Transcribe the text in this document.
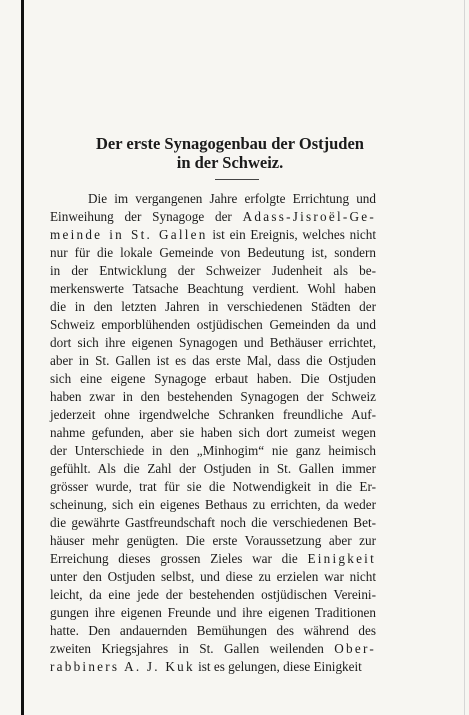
Der erste Synagogenbau der Ostjuden
in der Schweiz.
Die im vergangenen Jahre erfolgte Errichtung und
Einweihung der Synagoge der Adass-Jisroël-Ge-
meinde in St. Gallen ist ein Ereignis, welches nicht
nur für die lokale Gemeinde von Bedeutung ist, sondern
in der Entwicklung der Schweizer Judenheit als be-
merkenswerte Tatsache Beachtung verdient. Wohl haben
die in den letzten Jahren in verschiedenen Städten der
Schweiz emporblühenden ostjüdischen Gemeinden da und
dort sich ihre eigenen Synagogen und Bethäuser errichtet,
aber in St. Gallen ist es das erste Mal, dass die Ostjuden
sich eine eigene Synagoge erbaut haben. Die Ostjuden
haben zwar in den bestehenden Synagogen der Schweiz
jederzeit ohne irgendwelche Schranken freundliche Auf-
nahme gefunden, aber sie haben sich dort zumeist wegen
der Unterschiede in den „Minhogim“ nie ganz heimisch
gefühlt. Als die Zahl der Ostjuden in St. Gallen immer
grösser wurde, trat für sie die Notwendigkeit in die Er-
scheinung, sich ein eigenes Bethaus zu errichten, da weder
die gewährte Gastfreundschaft noch die verschiedenen Bet-
häuser mehr genügten. Die erste Voraussetzung aber zur
Erreichung dieses grossen Zieles war die Einigkeit
unter den Ostjuden selbst, und diese zu erzielen war nicht
leicht, da eine jede der bestehenden ostjüdischen Vereini-
gungen ihre eigenen Freunde und ihre eigenen Traditionen
hatte. Den andauernden Bemühungen des während des
zweiten Kriegsjahres in St. Gallen weilenden Ober-
rabbiners A. J. Kuk ist es gelungen, diese Einigkeit
